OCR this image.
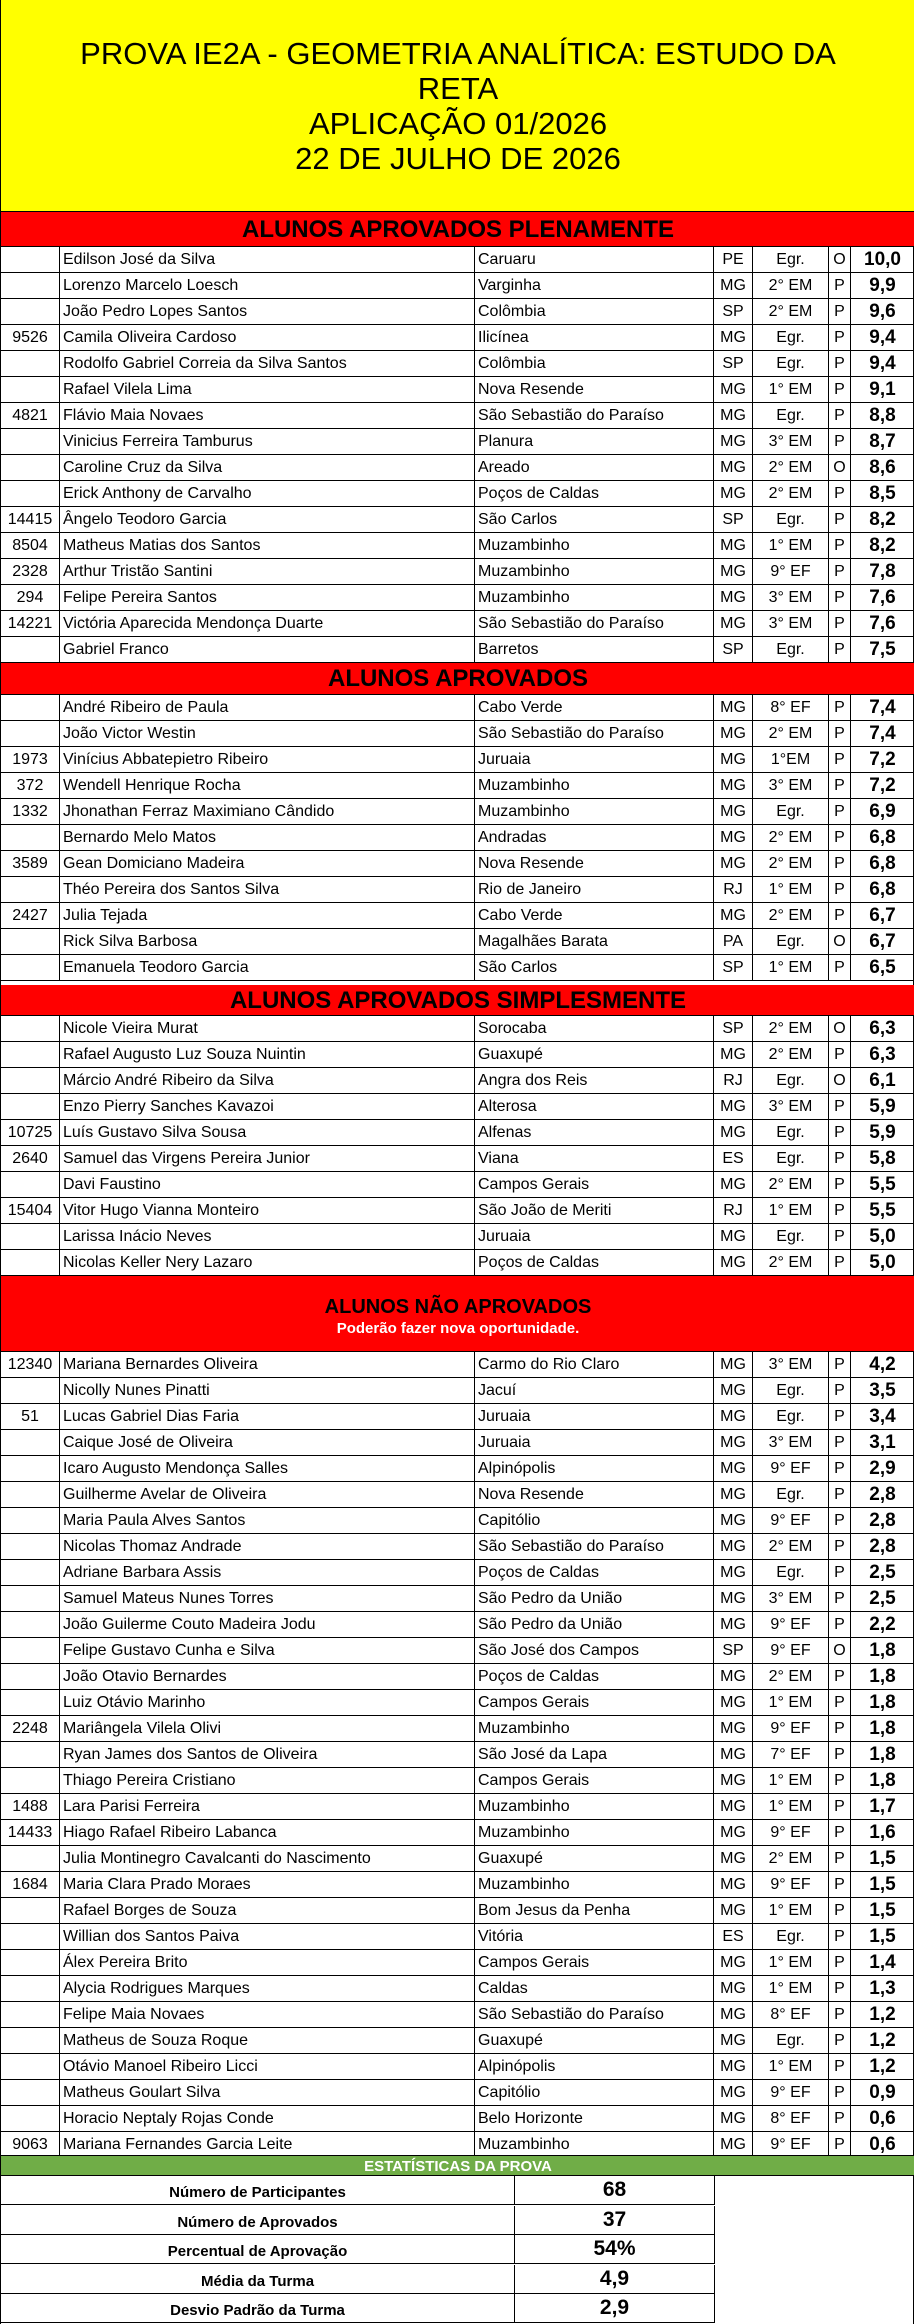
PROVA IE2A - GEOMETRIA ANALÍTICA: ESTUDO DA
RETA
APLICAÇÃO 01/2026
22 DE JULHO DE 2026
ALUNOS APROVADOS PLENAMENTE
Edilson José da Silva	Caruaru	PE	Egr.	O 10,0
Lorenzo Marcelo Loesch	Varginha	MG	2° EM	P	9,9
João Pedro Lopes Santos	Colômbia	SP	2° EM	P	9,6
9526 Camila Oliveira Cardoso	Ilicínea	MG	Egr.	P	9,4
Rodolfo Gabriel Correia da Silva Santos	Colômbia	SP	Egr.	P	9,4
Rafael Vilela Lima	Nova Resende	MG	1° EM	P	9,1
4821 Flávio Maia Novaes	São Sebastião do Paraíso	MG	Egr.	P	8,8
Vinicius Ferreira Tamburus	Planura	MG	3° EM	P	8,7
Caroline Cruz da Silva	Areado	MG	2° EM	O	8,6
Erick Anthony de Carvalho	Poços de Caldas	MG	2° EM	P	8,5
14415 Ângelo Teodoro Garcia	São Carlos	SP	Egr.	P	8,2
8504 Matheus Matias dos Santos	Muzambinho	MG	1° EM	P	8,2
2328 Arthur Tristão Santini	Muzambinho	MG	9° EF	P	7,8
294	Felipe Pereira Santos	Muzambinho	MG	3° EM	P	7,6
14221 Victória Aparecida Mendonça Duarte	São Sebastião do Paraíso	MG	3° EM	P	7,6
Gabriel Franco	Barretos	SP	Egr.	P	7,5
ALUNOS APROVADOS
André Ribeiro de Paula	Cabo Verde	MG	8° EF	P	7,4
João Victor Westin	São Sebastião do Paraíso	MG	2° EM	P	7,4
1973 Vinícius Abbatepietro Ribeiro	Juruaia	MG	1°EM	P	7,2
372	Wendell Henrique Rocha	Muzambinho	MG	3° EM	P	7,2
1332 Jhonathan Ferraz Maximiano Cândido	Muzambinho	MG	Egr.	P	6,9
Bernardo Melo Matos	Andradas	MG	2° EM	P	6,8
3589 Gean Domiciano Madeira	Nova Resende	MG	2° EM	P	6,8
Théo Pereira dos Santos Silva	Rio de Janeiro	RJ	1° EM	P	6,8
2427 Julia Tejada	Cabo Verde	MG	2° EM	P	6,7
Rick Silva Barbosa	Magalhães Barata	PA	Egr.	O	6,7
Emanuela Teodoro Garcia	São Carlos	SP	1° EM	P	6,5
ALUNOS APROVADOS SIMPLESMENTE
Nicole Vieira Murat	Sorocaba	SP	2° EM	O	6,3
Rafael Augusto Luz Souza Nuintin	Guaxupé	MG	2° EM	P	6,3
Márcio André Ribeiro da Silva	Angra dos Reis	RJ	Egr.	O	6,1
Enzo Pierry Sanches Kavazoi	Alterosa	MG	3° EM	P	5,9
10725 Luís Gustavo Silva Sousa	Alfenas	MG	Egr.	P	5,9
2640 Samuel das Virgens Pereira Junior	Viana	ES	Egr.	P	5,8
Davi Faustino	Campos Gerais	MG	2° EM	P	5,5
15404 Vitor Hugo Vianna Monteiro	São João de Meriti	RJ	1° EM	P	5,5
Larissa Inácio Neves	Juruaia	MG	Egr.	P	5,0
Nicolas Keller Nery Lazaro	Poços de Caldas	MG	2° EM	P	5,0
ALUNOS NÃO APROVADOS
Poderão fazer nova oportunidade.
12340 Mariana Bernardes Oliveira	Carmo do Rio Claro	MG	3° EM	P	4,2
Nicolly Nunes Pinatti	Jacuí	MG	Egr.	P	3,5
51	Lucas Gabriel Dias Faria	Juruaia	MG	Egr.	P	3,4
Caique José de Oliveira	Juruaia	MG	3° EM	P	3,1
Icaro Augusto Mendonça Salles	Alpinópolis	MG	9° EF	P	2,9
Guilherme Avelar de Oliveira	Nova Resende	MG	Egr.	P	2,8
Maria Paula Alves Santos	Capitólio	MG	9° EF	P	2,8
Nicolas Thomaz Andrade	São Sebastião do Paraíso	MG	2° EM	P	2,8
Adriane Barbara Assis	Poços de Caldas	MG	Egr.	P	2,5
Samuel Mateus Nunes Torres	São Pedro da União	MG	3° EM	P	2,5
João Guilerme Couto Madeira Jodu	São Pedro da União	MG	9° EF	P	2,2
Felipe Gustavo Cunha e Silva	São José dos Campos	SP	9° EF	O	1,8
João Otavio Bernardes	Poços de Caldas	MG	2° EM	P	1,8
Luiz Otávio Marinho	Campos Gerais	MG	1° EM	P	1,8
2248 Mariângela Vilela Olivi	Muzambinho	MG	9° EF	P	1,8
Ryan James dos Santos de Oliveira	São José da Lapa	MG	7° EF	P	1,8
Thiago Pereira Cristiano	Campos Gerais	MG	1° EM	P	1,8
1488 Lara Parisi Ferreira	Muzambinho	MG	1° EM	P	1,7
14433 Hiago Rafael Ribeiro Labanca	Muzambinho	MG	9° EF	P	1,6
Julia Montinegro Cavalcanti do Nascimento	Guaxupé	MG	2° EM	P	1,5
1684 Maria Clara Prado Moraes	Muzambinho	MG	9° EF	P	1,5
Rafael Borges de Souza	Bom Jesus da Penha	MG	1° EM	P	1,5
Willian dos Santos Paiva	Vitória	ES	Egr.	P	1,5
Álex Pereira Brito	Campos Gerais	MG	1° EM	P	1,4
Alycia Rodrigues Marques	Caldas	MG	1° EM	P	1,3
Felipe Maia Novaes	São Sebastião do Paraíso	MG	8° EF	P	1,2
Matheus de Souza Roque	Guaxupé	MG	Egr.	P	1,2
Otávio Manoel Ribeiro Licci	Alpinópolis	MG	1° EM	P	1,2
Matheus Goulart Silva	Capitólio	MG	9° EF	P	0,9
Horacio Neptaly Rojas Conde	Belo Horizonte	MG	8° EF	P	0,6
9063 Mariana Fernandes Garcia Leite	Muzambinho	MG	9° EF	P	0,6
ESTATÍSTICAS DA PROVA
Número de Participantes	68
Número de Aprovados	37
Percentual de Aprovação	54%
Média da Turma	4,9
Desvio Padrão da Turma	2,9
